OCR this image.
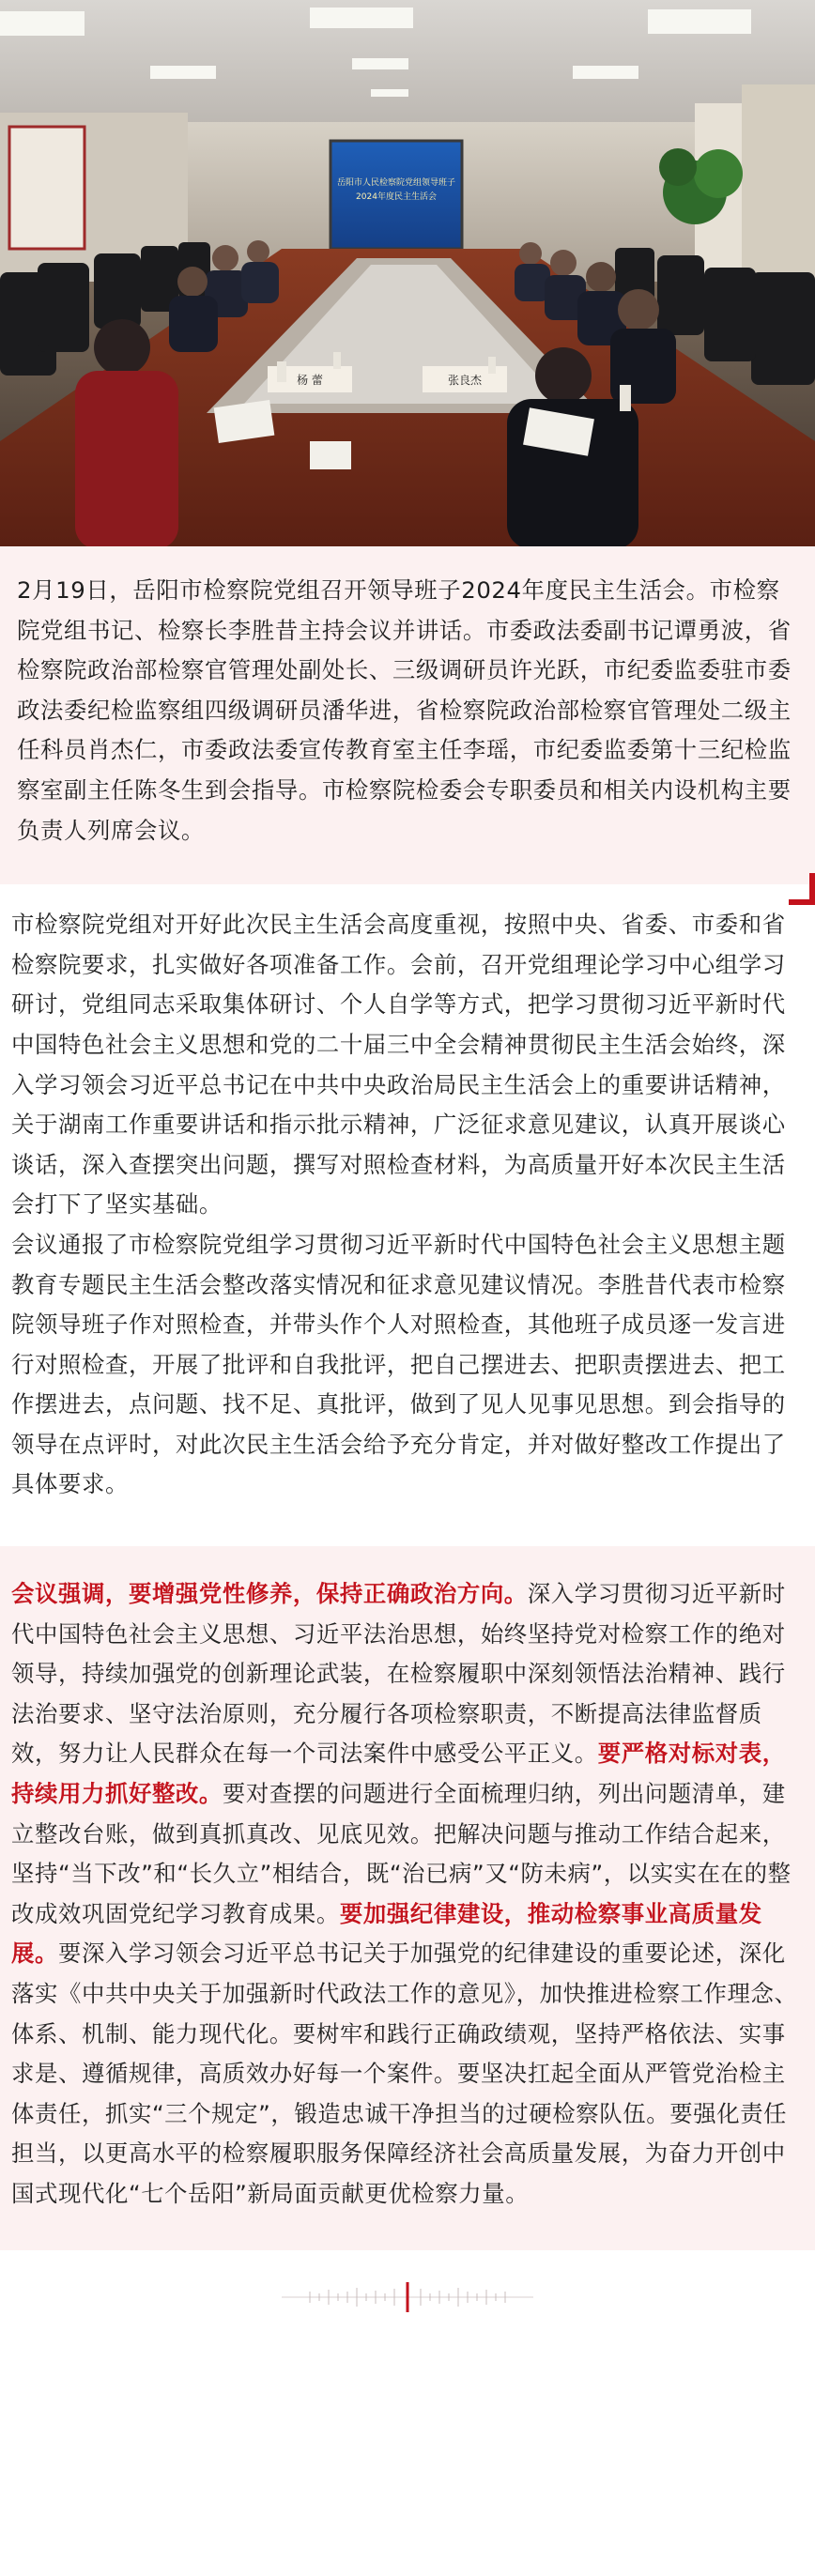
岳阳市人民检察院党组领导班子
2024年度民主生活会
杨 蕾	张良杰

2月19日，岳阳市检察院党组召开领导班子2024年度民主生活会。市检察院党组书记、检察长李胜昔主持会议并讲话。市委政法委副书记谭勇波，省检察院政治部检察官管理处副处长、三级调研员许光跃，市纪委监委驻市委政法委纪检监察组四级调研员潘华进，省检察院政治部检察官管理处二级主任科员肖杰仁，市委政法委宣传教育室主任李瑶，市纪委监委第十三纪检监察室副主任陈冬生到会指导。市检察院检委会专职委员和相关内设机构主要负责人列席会议。

市检察院党组对开好此次民主生活会高度重视，按照中央、省委、市委和省检察院要求，扎实做好各项准备工作。会前，召开党组理论学习中心组学习研讨，党组同志采取集体研讨、个人自学等方式，把学习贯彻习近平新时代中国特色社会主义思想和党的二十届三中全会精神贯彻民主生活会始终，深入学习领会习近平总书记在中共中央政治局民主生活会上的重要讲话精神，关于湖南工作重要讲话和指示批示精神，广泛征求意见建议，认真开展谈心谈话，深入查摆突出问题，撰写对照检查材料，为高质量开好本次民主生活会打下了坚实基础。

会议通报了市检察院党组学习贯彻习近平新时代中国特色社会主义思想主题教育专题民主生活会整改落实情况和征求意见建议情况。李胜昔代表市检察院领导班子作对照检查，并带头作个人对照检查，其他班子成员逐一发言进行对照检查，开展了批评和自我批评，把自己摆进去、把职责摆进去、把工作摆进去，点问题、找不足、真批评，做到了见人见事见思想。到会指导的领导在点评时，对此次民主生活会给予充分肯定，并对做好整改工作提出了具体要求。

会议强调，要增强党性修养，保持正确政治方向。深入学习贯彻习近平新时代中国特色社会主义思想、习近平法治思想，始终坚持党对检察工作的绝对领导，持续加强党的创新理论武装，在检察履职中深刻领悟法治精神、践行法治要求、坚守法治原则，充分履行各项检察职责，不断提高法律监督质效，努力让人民群众在每一个司法案件中感受公平正义。要严格对标对表，持续用力抓好整改。要对查摆的问题进行全面梳理归纳，列出问题清单，建立整改台账，做到真抓真改、见底见效。把解决问题与推动工作结合起来，坚持“当下改”和“长久立”相结合，既“治已病”又“防未病”，以实实在在的整改成效巩固党纪学习教育成果。要加强纪律建设，推动检察事业高质量发展。要深入学习领会习近平总书记关于加强党的纪律建设的重要论述，深化落实《中共中央关于加强新时代政法工作的意见》，加快推进检察工作理念、体系、机制、能力现代化。要树牢和践行正确政绩观，坚持严格依法、实事求是、遵循规律，高质效办好每一个案件。要坚决扛起全面从严管党治检主体责任，抓实“三个规定”，锻造忠诚干净担当的过硬检察队伍。要强化责任担当，以更高水平的检察履职服务保障经济社会高质量发展，为奋力开创中国式现代化“七个岳阳”新局面贡献更优检察力量。
